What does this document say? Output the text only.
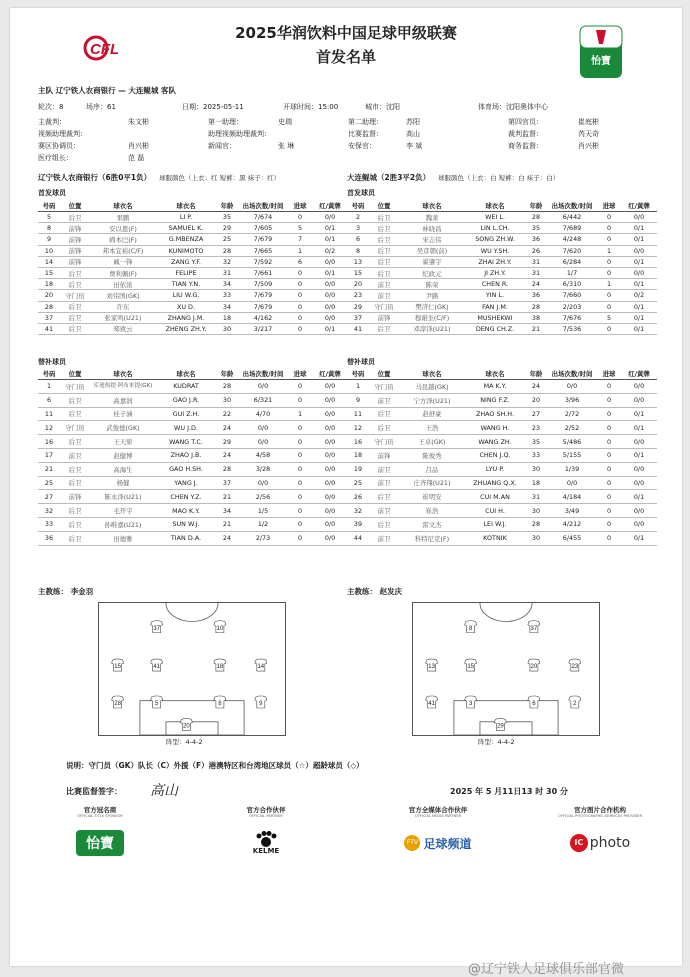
CFL
2025华润饮料中国足球甲级联赛
首发名单	怡寶
主队 辽宁铁人农商银行 — 大连鲲城 客队
轮次：8	场序：61	日期：2025-05-11	开球时间：15:00	城市：沈阳	体育场：沈阳奥体中心
主裁判：	朱文彬	第一助理：	史瑞	第二助理：	苏阳	第四官员：	崔庭彬
视频助理裁判：	助理视频助理裁判：	比赛监督：	高山	裁判监督：	芮天奇
赛区协调员：	肖兴彬	新闻官：	张 琳	安保官：	李 斌	商务监督：	肖兴彬
医疗组长：	范 磊
辽宁铁人农商银行（6胜0平1负） 球服颜色（上衣：红 短裤：黑 袜子：红）
首发球员
号码	位置	球衣名	球衣名	年龄	出场次数/时间	进球	红/黄牌
5	后卫	果鹏	LI P.	35	7/674	0	0/0
8	前锋	安以恩(F)	SAMUEL K.	29	7/605	5	0/1
9	前锋	姆本巴(F)	G.MBENZA	25	7/679	7	0/1
10	前锋	邦本宜裕(C/F)	KUNIMOTO	28	7/665	1	0/2
14	前锋	臧一锋	ZANG Y.F.	32	7/592	6	0/0
15	后卫	费利佩(F)	FELIPE	31	7/661	0	0/1
18	后卫	田依浓	TIAN Y.N.	34	7/509	0	0/0
20	守门员	刘伟国(GK)	LIU W.G.	33	7/679	0	0/0
28	后卫	许东	XU D.	34	7/679	0	0/0
37	后卫	张家鸣(U21)	ZHANG J.M.	18	4/162	0	0/0
41	后卫	郑致云	ZHENG ZH.Y.	30	3/217	0	0/1
替补球员
号码	位置	球衣名	球衣名	年龄	出场次数/时间	进球	红/黄牌
1	守门员	库迪热提·阿布来提(GK)	KUDRAT	28	0/0	0	0/0
6	后卫	高嘉润	GAO J.R.	30	6/321	0	0/0
11	后卫	桂子涵	GUI Z.H.	22	4/70	1	0/0
12	守门员	武俊德(GK)	WU J.D.	24	0/0	0	0/0
16	后卫	王天骄	WANG T.C.	29	0/0	0	0/0
17	前卫	赵健博	ZHAO J.B.	24	4/58	0	0/0
21	后卫	高海生	GAO H.SH.	28	3/28	0	0/0
25	后卫	杨健	YANG J.	37	0/0	0	0/0
27	前锋	陈永泽(U21)	CHEN Y.Z.	21	2/56	0	0/0
32	后卫	毛开宇	MAO K.Y.	34	1/5	0	0/0
33	后卫	孙唯嘉(U21)	SUN W.J.	21	1/2	0	0/0
36	后卫	田德雅	TIAN D.A.	24	2/73	0	0/0
大连鲲城（2胜3平2负） 球服颜色（上衣：白 短裤：白 袜子：白）
首发球员
号码	位置	球衣名	球衣名	年龄	出场次数/时间	进球	红/黄牌
2	后卫	魏莱	WEI L.	28	6/442	0	0/0
3	后卫	林晓昌	LIN L.CH.	35	7/689	0	0/1
6	后卫	宋志伟	SONG ZH.W.	36	4/248	0	0/1
8	后卫	吴彦朝(前)	WU Y.SH.	26	7/620	1	0/0
13	后卫	翟肇宇	ZHAI ZH.Y.	31	6/284	0	0/1
15	后卫	纪政元	JI ZH.Y.	31	1/7	0	0/0
20	前卫	陈荣	CHEN R.	24	6/310	1	0/1
23	前卫	尹路	YIN L.	36	7/660	0	0/2
29	守门员	樊济仁(GK)	FAN J.M.	28	2/203	0	0/1
37	前锋	穆谢奎(C/F)	MUSHEKWI	38	7/676	5	0/1
41	后卫	邓淳泽(U21)	DENG CH.Z.	21	7/536	0	0/1
替补球员
号码	位置	球衣名	球衣名	年龄	出场次数/时间	进球	红/黄牌
1	守门员	马昆越(GK)	MA K.Y.	24	0/0	0	0/0
9	前卫	宁方泽(U21)	NING F.Z.	20	3/96	0	0/0
11	后卫	赵舒豪	ZHAO SH.H.	27	2/72	0	0/1
12	后卫	王浩	WANG H.	23	2/52	0	0/1
16	守门员	王卓(GK)	WANG ZH.	35	5/486	0	0/0
18	前锋	陈俊秀	CHEN J.Q.	33	5/155	0	0/1
19	前卫	吕品	LYU P.	30	1/39	0	0/0
25	前卫	庄齐翔(U21)	ZHUANG Q.X.	18	0/0	0	0/0
26	后卫	崔明安	CUI M.AN	31	4/184	0	0/1
32	前卫	崔浩	CUI H.	30	3/49	0	0/0
39	后卫	雷文杰	LEI W.J.	28	4/212	0	0/0
44	前卫	科特尼克(F)	KOTNIK	30	6/455	0	0/1
主教练： 李金羽	主教练： 赵发庆
37	10
15	41	18	14
28	5	8	9
20
阵型：4-4-2
8	37
13	15	20	23
41	3	6	2
29
阵型：4-4-2
说明：守门员（GK）队长（C）外援（F）港澳特区和台湾地区球员（☆）超龄球员（◇）
比赛监督签字： 高山	2025 年 5 月11日13 时 30 分
官方冠名商
OFFICIAL TITLE SPONSOR
怡寶
官方合作伙伴
OFFICIAL PARTNER
KELME
官方全媒体合作伙伴
OFFICIAL MEDIA PARTNER
FTV 足球频道
官方图片合作机构
OFFICIAL PHOTOGRAPHIC SERVICES PROVIDER
IC photo
@辽宁铁人足球俱乐部官微
